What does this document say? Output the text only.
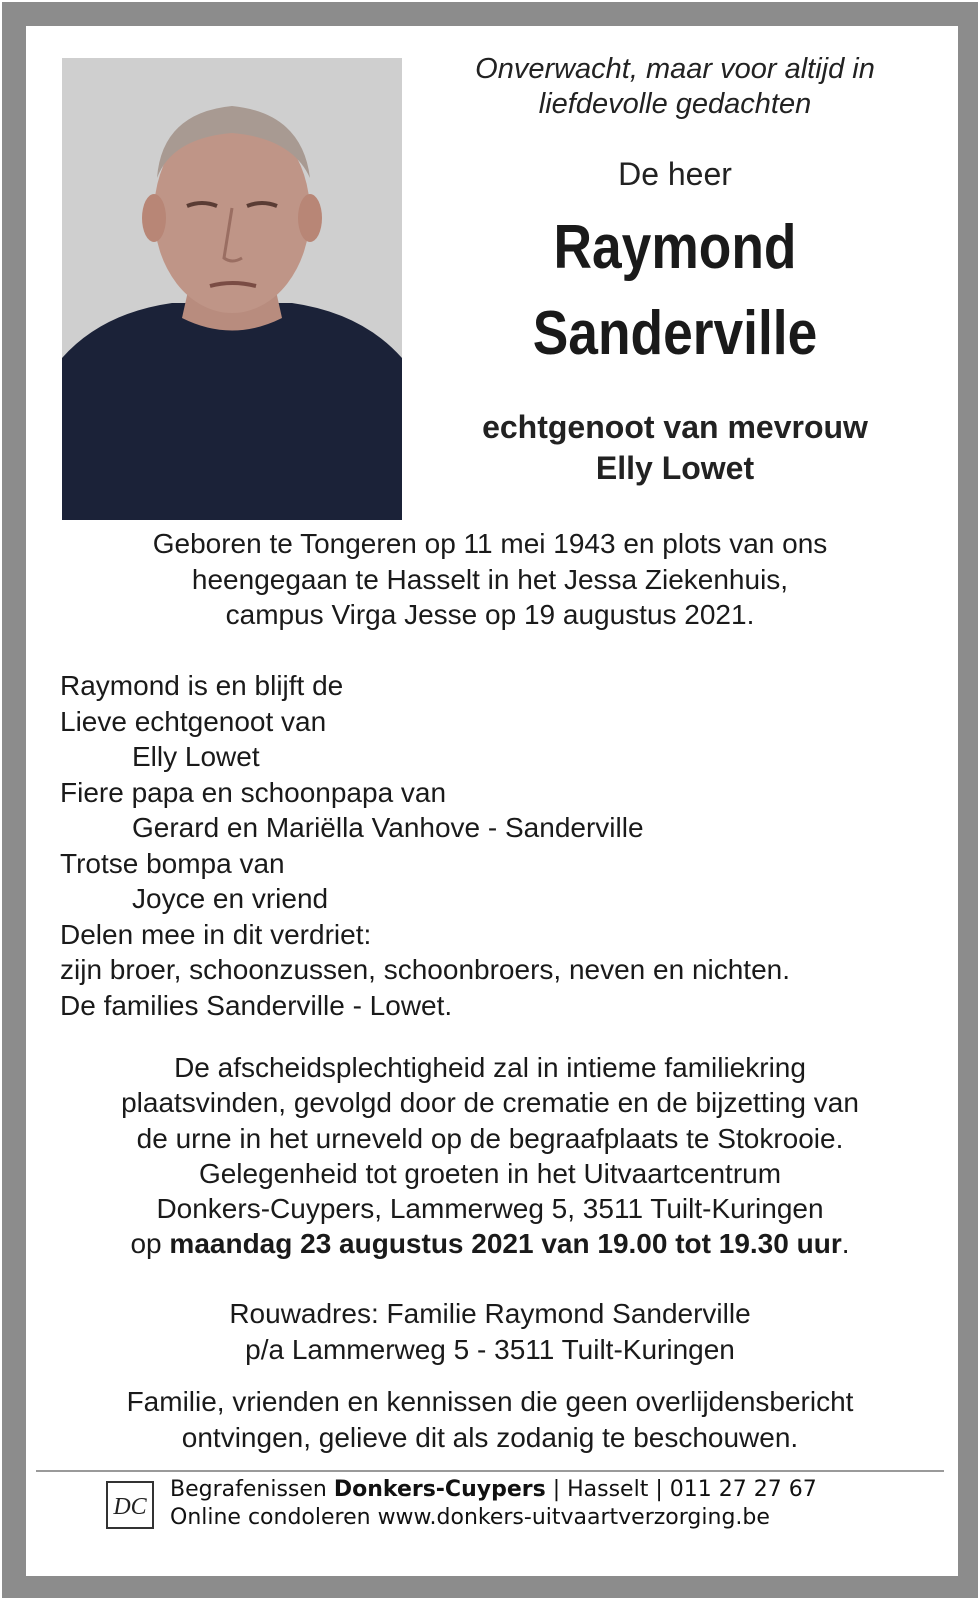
Onverwacht, maar voor altijd in
liefdevolle gedachten
De heer
Raymond
Sanderville
echtgenoot van mevrouw
Elly Lowet
Geboren te Tongeren op 11 mei 1943 en plots van ons
heengegaan te Hasselt in het Jessa Ziekenhuis,
campus Virga Jesse op 19 augustus 2021.
Raymond is en blijft de
Lieve echtgenoot van
Elly Lowet
Fiere papa en schoonpapa van
Gerard en Mariëlla Vanhove - Sanderville
Trotse bompa van
Joyce en vriend
Delen mee in dit verdriet:
zijn broer, schoonzussen, schoonbroers, neven en nichten.
De families Sanderville - Lowet.
De afscheidsplechtigheid zal in intieme familiekring
plaatsvinden, gevolgd door de crematie en de bijzetting van
de urne in het urneveld op de begraafplaats te Stokrooie.
Gelegenheid tot groeten in het Uitvaartcentrum
Donkers-Cuypers, Lammerweg 5, 3511 Tuilt-Kuringen
op maandag 23 augustus 2021 van 19.00 tot 19.30 uur.
Rouwadres: Familie Raymond Sanderville
p/a Lammerweg 5 - 3511 Tuilt-Kuringen
Familie, vrienden en kennissen die geen overlijdensbericht
ontvingen, gelieve dit als zodanig te beschouwen.
DC
Begrafenissen Donkers-Cuypers | Hasselt | 011 27 27 67
Online condoleren www.donkers-uitvaartverzorging.be
